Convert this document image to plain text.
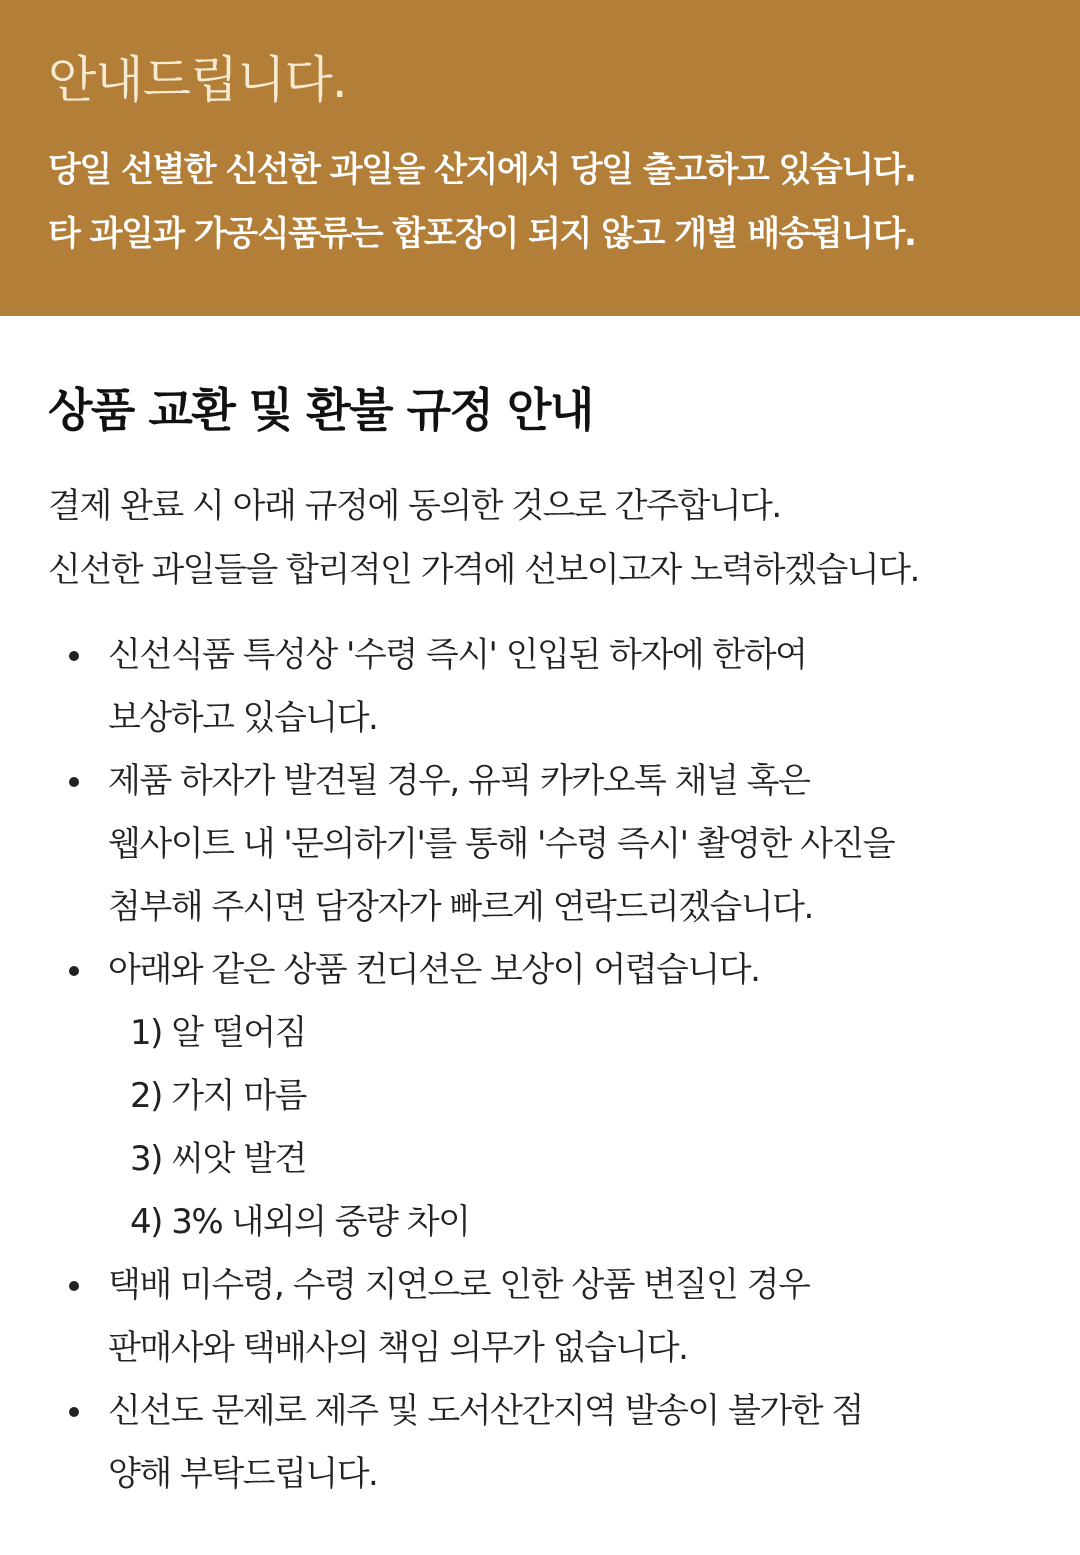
안내드립니다.
당일 선별한 신선한 과일을 산지에서 당일 출고하고 있습니다.
타 과일과 가공식품류는 합포장이 되지 않고 개별 배송됩니다.
상품 교환 및 환불 규정 안내
결제 완료 시 아래 규정에 동의한 것으로 간주합니다.
신선한 과일들을 합리적인 가격에 선보이고자 노력하겠습니다.
신선식품 특성상 '수령 즉시' 인입된 하자에 한하여
보상하고 있습니다.
제품 하자가 발견될 경우, 유픽 카카오톡 채널 혹은
웹사이트 내 '문의하기'를 통해 '수령 즉시' 촬영한 사진을
첨부해 주시면 담장자가 빠르게 연락드리겠습니다.
아래와 같은 상품 컨디션은 보상이 어렵습니다.
1) 알 떨어짐
2) 가지 마름
3) 씨앗 발견
4) 3% 내외의 중량 차이
택배 미수령, 수령 지연으로 인한 상품 변질인 경우
판매사와 택배사의 책임 의무가 없습니다.
신선도 문제로 제주 및 도서산간지역 발송이 불가한 점
양해 부탁드립니다.
